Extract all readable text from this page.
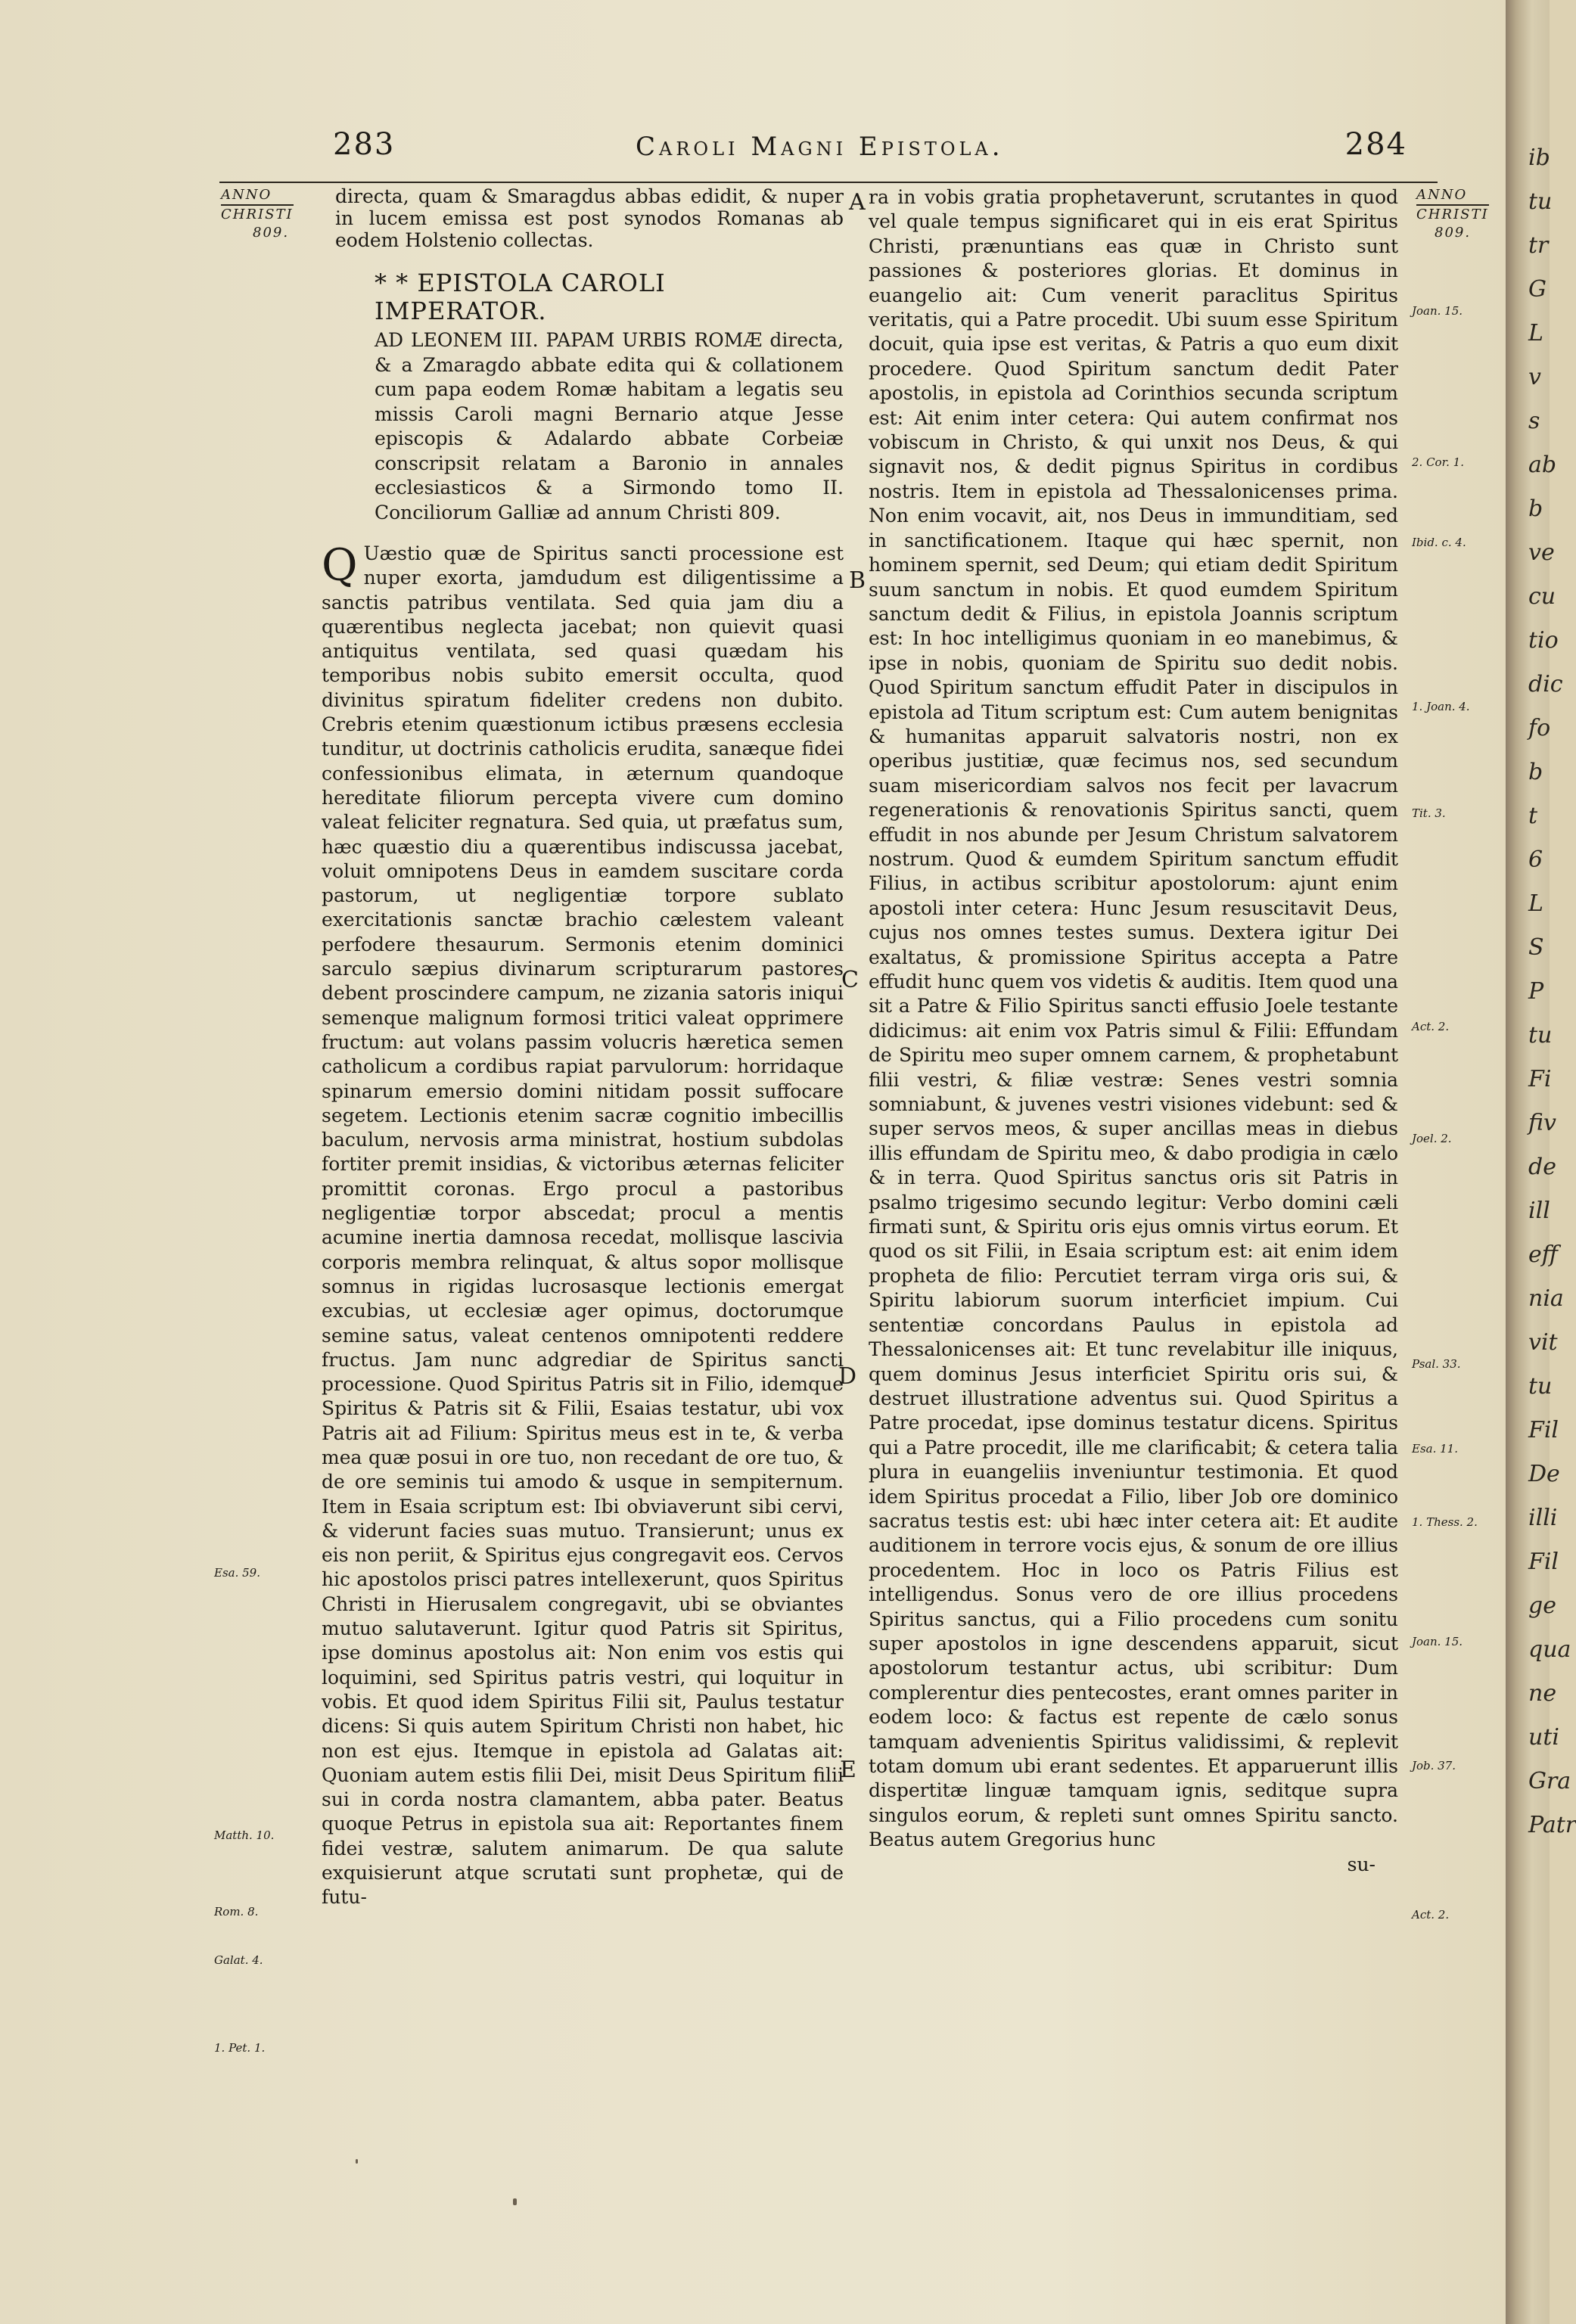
ib
tu
tr
G
L
v
s
ab
b
ve
cu
tio
dic
fo
b
t
6
L
S
P
tu
Fi
fiv
de
ill
eff
nia
vit
tu
Fil
De
illi
Fil
ge
qua
ne
uti
Gra
Patr
283	Caroli Magni Epistola.	284
ANNO
CHRISTI
809.
ANNO
CHRISTI
809.
directa, quam & Smaragdus abbas edidit, & nuper in lucem emissa est post synodos Romanas ab eodem Holstenio collectas.
* * EPISTOLA CAROLI IMPERATOR.
AD LEONEM III. PAPAM URBIS ROMÆ directa, & a Zmaragdo abbate edita qui & collationem cum papa eodem Romæ habitam a legatis seu missis Caroli magni Bernario atque Jesse episcopis & Adalardo abbate Corbeiæ conscripsit relatam a Baronio in annales ecclesiasticos & a Sirmondo tomo II. Conciliorum Galliæ ad annum Christi 809.
Q Uæstio quæ de Spiritus sancti processione est nuper exorta, jamdudum est diligentissime a sanctis patribus ventilata. Sed quia jam diu a quærentibus neglecta jacebat; non quievit quasi antiquitus ventilata, sed quasi quædam his temporibus nobis subito emersit occulta, quod divinitus spiratum fideliter credens non dubito. Crebris etenim quæstionum ictibus præsens ecclesia tunditur, ut doctrinis catholicis erudita, sanæque fidei confessionibus elimata, in æternum quandoque hereditate filiorum percepta vivere cum domino valeat feliciter regnatura. Sed quia, ut præfatus sum, hæc quæstio diu a quærentibus indiscussa jacebat, voluit omnipotens Deus in eamdem suscitare corda pastorum, ut negligentiæ torpore sublato exercitationis sanctæ brachio cælestem valeant perfodere thesaurum. Sermonis etenim dominici sarculo sæpius divinarum scripturarum pastores debent proscindere campum, ne zizania satoris iniqui semenque malignum formosi tritici valeat opprimere fructum: aut volans passim volucris hæretica semen catholicum a cordibus rapiat parvulorum: horridaque spinarum emersio domini nitidam possit suffocare segetem. Lectionis etenim sacræ cognitio imbecillis baculum, nervosis arma ministrat, hostium subdolas fortiter premit insidias, & victoribus æternas feliciter promittit coronas. Ergo procul a pastoribus negligentiæ torpor abscedat; procul a mentis acumine inertia damnosa recedat, mollisque lascivia corporis membra relinquat, & altus sopor mollisque somnus in rigidas lucrosasque lectionis emergat excubias, ut ecclesiæ ager opimus, doctorumque semine satus, valeat centenos omnipotenti reddere fructus. Jam nunc adgrediar de Spiritus sancti processione. Quod Spiritus Patris sit in Filio, idemque Spiritus & Patris sit & Filii, Esaias testatur, ubi vox Patris ait ad Filium: Spiritus meus est in te, & verba mea quæ posui in ore tuo, non recedant de ore tuo, & de ore seminis tui amodo & usque in sempiternum. Item in Esaia scriptum est: Ibi obviaverunt sibi cervi, & viderunt facies suas mutuo. Transierunt; unus ex eis non periit, & Spiritus ejus congregavit eos. Cervos hic apostolos prisci patres intellexerunt, quos Spiritus Christi in Hierusalem congregavit, ubi se obviantes mutuo salutaverunt. Igitur quod Patris sit Spiritus, ipse dominus apostolus ait: Non enim vos estis qui loquimini, sed Spiritus patris vestri, qui loquitur in vobis. Et quod idem Spiritus Filii sit, Paulus testatur dicens: Si quis autem Spiritum Christi non habet, hic non est ejus. Itemque in epistola ad Galatas ait: Quoniam autem estis filii Dei, misit Deus Spiritum filii sui in corda nostra clamantem, abba pater. Beatus quoque Petrus in epistola sua ait: Reportantes finem fidei vestræ, salutem animarum. De qua salute exquisierunt atque scrutati sunt prophetæ, qui de futu-
ra in vobis gratia prophetaverunt, scrutantes in quod vel quale tempus significaret qui in eis erat Spiritus Christi, prænuntians eas quæ in Christo sunt passiones & posteriores glorias. Et dominus in euangelio ait: Cum venerit paraclitus Spiritus veritatis, qui a Patre procedit. Ubi suum esse Spiritum docuit, quia ipse est veritas, & Patris a quo eum dixit procedere. Quod Spiritum sanctum dedit Pater apostolis, in epistola ad Corinthios secunda scriptum est: Ait enim inter cetera: Qui autem confirmat nos vobiscum in Christo, & qui unxit nos Deus, & qui signavit nos, & dedit pignus Spiritus in cordibus nostris. Item in epistola ad Thessalonicenses prima. Non enim vocavit, ait, nos Deus in immunditiam, sed in sanctificationem. Itaque qui hæc spernit, non hominem spernit, sed Deum; qui etiam dedit Spiritum suum sanctum in nobis. Et quod eumdem Spiritum sanctum dedit & Filius, in epistola Joannis scriptum est: In hoc intelligimus quoniam in eo manebimus, & ipse in nobis, quoniam de Spiritu suo dedit nobis. Quod Spiritum sanctum effudit Pater in discipulos in epistola ad Titum scriptum est: Cum autem benignitas & humanitas apparuit salvatoris nostri, non ex operibus justitiæ, quæ fecimus nos, sed secundum suam misericordiam salvos nos fecit per lavacrum regenerationis & renovationis Spiritus sancti, quem effudit in nos abunde per Jesum Christum salvatorem nostrum. Quod & eumdem Spiritum sanctum effudit Filius, in actibus scribitur apostolorum: ajunt enim apostoli inter cetera: Hunc Jesum resuscitavit Deus, cujus nos omnes testes sumus. Dextera igitur Dei exaltatus, & promissione Spiritus accepta a Patre effudit hunc quem vos videtis & auditis. Item quod una sit a Patre & Filio Spiritus sancti effusio Joele testante didicimus: ait enim vox Patris simul & Filii: Effundam de Spiritu meo super omnem carnem, & prophetabunt filii vestri, & filiæ vestræ: Senes vestri somnia somniabunt, & juvenes vestri visiones videbunt: sed & super servos meos, & super ancillas meas in diebus illis effundam de Spiritu meo, & dabo prodigia in cælo & in terra. Quod Spiritus sanctus oris sit Patris in psalmo trigesimo secundo legitur: Verbo domini cæli firmati sunt, & Spiritu oris ejus omnis virtus eorum. Et quod os sit Filii, in Esaia scriptum est: ait enim idem propheta de filio: Percutiet terram virga oris sui, & Spiritu labiorum suorum interficiet impium. Cui sententiæ concordans Paulus in epistola ad Thessalonicenses ait: Et tunc revelabitur ille iniquus, quem dominus Jesus interficiet Spiritu oris sui, & destruet illustratione adventus sui. Quod Spiritus a Patre procedat, ipse dominus testatur dicens. Spiritus qui a Patre procedit, ille me clarificabit; & cetera talia plura in euangeliis inveniuntur testimonia. Et quod idem Spiritus procedat a Filio, liber Job ore dominico sacratus testis est: ubi hæc inter cetera ait: Et audite auditionem in terrore vocis ejus, & sonum de ore illius procedentem. Hoc in loco os Patris Filius est intelligendus. Sonus vero de ore illius procedens Spiritus sanctus, qui a Filio procedens cum sonitu super apostolos in igne descendens apparuit, sicut apostolorum testantur actus, ubi scribitur: Dum complerentur dies pentecostes, erant omnes pariter in eodem loco: & factus est repente de cælo sonus tamquam advenientis Spiritus validissimi, & replevit totam domum ubi erant sedentes. Et apparuerunt illis dispertitæ linguæ tamquam ignis, seditque supra singulos eorum, & repleti sunt omnes Spiritu sancto. Beatus autem Gregorius hunc
su-
A
B
C
D
E
Joan. 15.
2. Cor. 1.
Ibid. c. 4.
1. Joan. 4.
Tit. 3.
Act. 2.
Joel. 2.
Psal. 33.
Esa. 11.
1. Thess. 2.
Joan. 15.
Job. 37.
Act. 2.
Esa. 59.
Matth. 10.
Rom. 8.
Galat. 4.
1. Pet. 1.
